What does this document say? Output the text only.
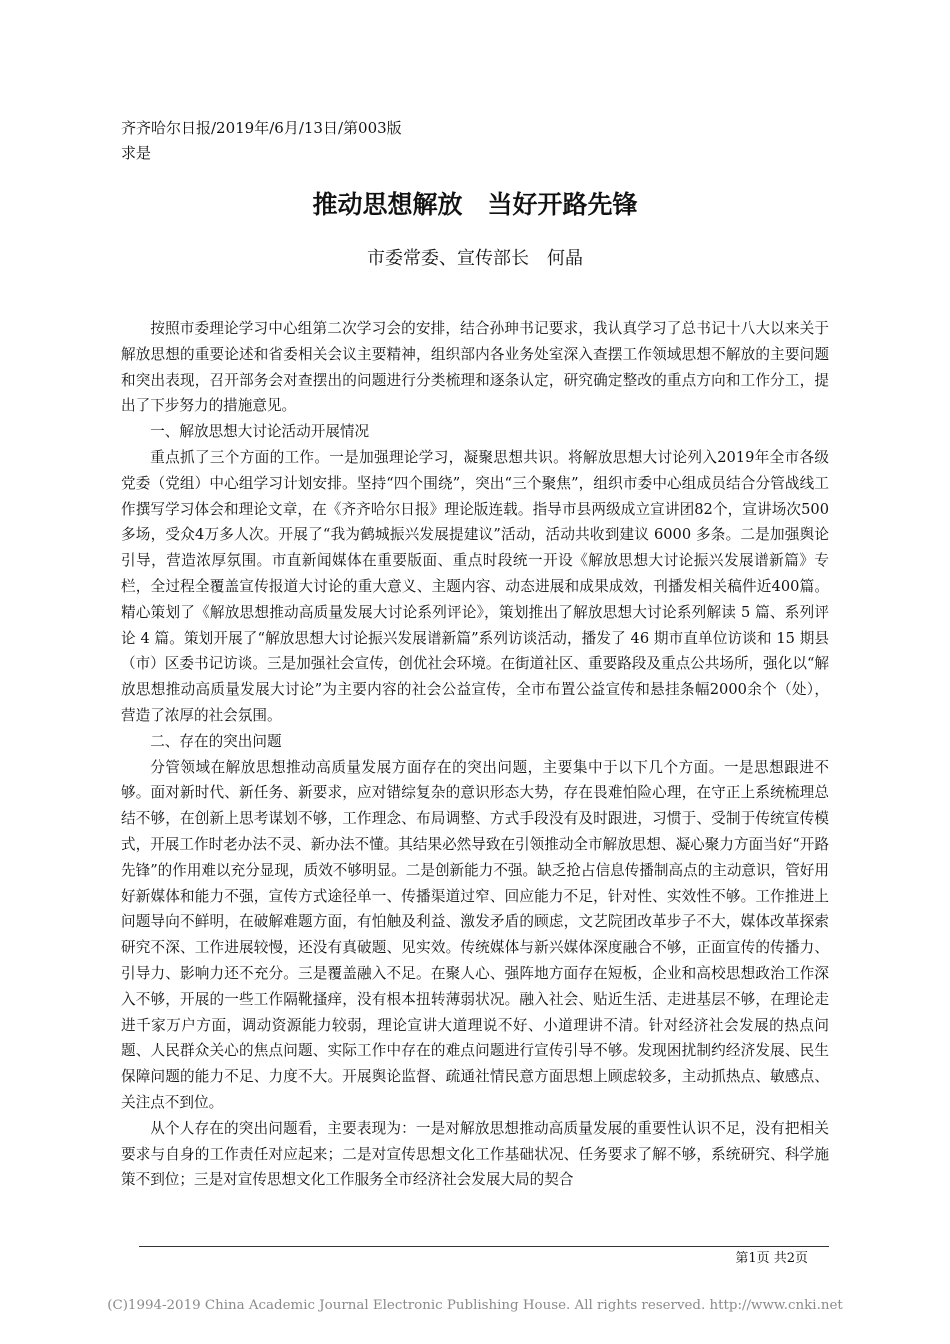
齐齐哈尔日报/2019年/6月/13日/第003版
求是
推动思想解放　当好开路先锋
市委常委、宣传部长　何晶

按照市委理论学习中心组第二次学习会的安排，结合孙珅书记要求，我认真学习了总书记十八大以来关于解放思想的重要论述和省委相关会议主要精神，组织部内各业务处室深入查摆工作领域思想不解放的主要问题和突出表现，召开部务会对查摆出的问题进行分类梳理和逐条认定，研究确定整改的重点方向和工作分工，提出了下步努力的措施意见。

一、解放思想大讨论活动开展情况

重点抓了三个方面的工作。一是加强理论学习，凝聚思想共识。将解放思想大讨论列入2019年全市各级党委（党组）中心组学习计划安排。坚持“四个围绕”，突出“三个聚焦”，组织市委中心组成员结合分管战线工作撰写学习体会和理论文章，在《齐齐哈尔日报》理论版连载。指导市县两级成立宣讲团82个，宣讲场次500多场，受众4万多人次。开展了“我为鹤城振兴发展提建议”活动，活动共收到建议 6000 多条。二是加强舆论引导，营造浓厚氛围。市直新闻媒体在重要版面、重点时段统一开设《解放思想大讨论振兴发展谱新篇》专栏，全过程全覆盖宣传报道大讨论的重大意义、主题内容、动态进展和成果成效，刊播发相关稿件近400篇。精心策划了《解放思想推动高质量发展大讨论系列评论》，策划推出了解放思想大讨论系列解读 5 篇、系列评论 4 篇。策划开展了“解放思想大讨论振兴发展谱新篇”系列访谈活动，播发了 46 期市直单位访谈和 15 期县（市）区委书记访谈。三是加强社会宣传，创优社会环境。在街道社区、重要路段及重点公共场所，强化以“解放思想推动高质量发展大讨论”为主要内容的社会公益宣传，全市布置公益宣传和悬挂条幅2000余个（处），营造了浓厚的社会氛围。

二、存在的突出问题

分管领域在解放思想推动高质量发展方面存在的突出问题，主要集中于以下几个方面。一是思想跟进不够。面对新时代、新任务、新要求，应对错综复杂的意识形态大势，存在畏难怕险心理，在守正上系统梳理总结不够，在创新上思考谋划不够，工作理念、布局调整、方式手段没有及时跟进，习惯于、受制于传统宣传模式，开展工作时老办法不灵、新办法不懂。其结果必然导致在引领推动全市解放思想、凝心聚力方面当好“开路先锋”的作用难以充分显现，质效不够明显。二是创新能力不强。缺乏抢占信息传播制高点的主动意识，管好用好新媒体和能力不强，宣传方式途径单一、传播渠道过窄、回应能力不足，针对性、实效性不够。工作推进上问题导向不鲜明，在破解难题方面，有怕触及利益、激发矛盾的顾虑，文艺院团改革步子不大，媒体改革探索研究不深、工作进展较慢，还没有真破题、见实效。传统媒体与新兴媒体深度融合不够，正面宣传的传播力、引导力、影响力还不充分。三是覆盖融入不足。在聚人心、强阵地方面存在短板，企业和高校思想政治工作深入不够，开展的一些工作隔靴搔痒，没有根本扭转薄弱状况。融入社会、贴近生活、走进基层不够，在理论走进千家万户方面，调动资源能力较弱，理论宣讲大道理说不好、小道理讲不清。针对经济社会发展的热点问题、人民群众关心的焦点问题、实际工作中存在的难点问题进行宣传引导不够。发现困扰制约经济发展、民生保障问题的能力不足、力度不大。开展舆论监督、疏通社情民意方面思想上顾虑较多，主动抓热点、敏感点、关注点不到位。

从个人存在的突出问题看，主要表现为：一是对解放思想推动高质量发展的重要性认识不足，没有把相关要求与自身的工作责任对应起来；二是对宣传思想文化工作基础状况、任务要求了解不够，系统研究、科学施策不到位；三是对宣传思想文化工作服务全市经济社会发展大局的契合

第1页 共2页
(C)1994-2019 China Academic Journal Electronic Publishing House. All rights reserved. http://www.cnki.net
